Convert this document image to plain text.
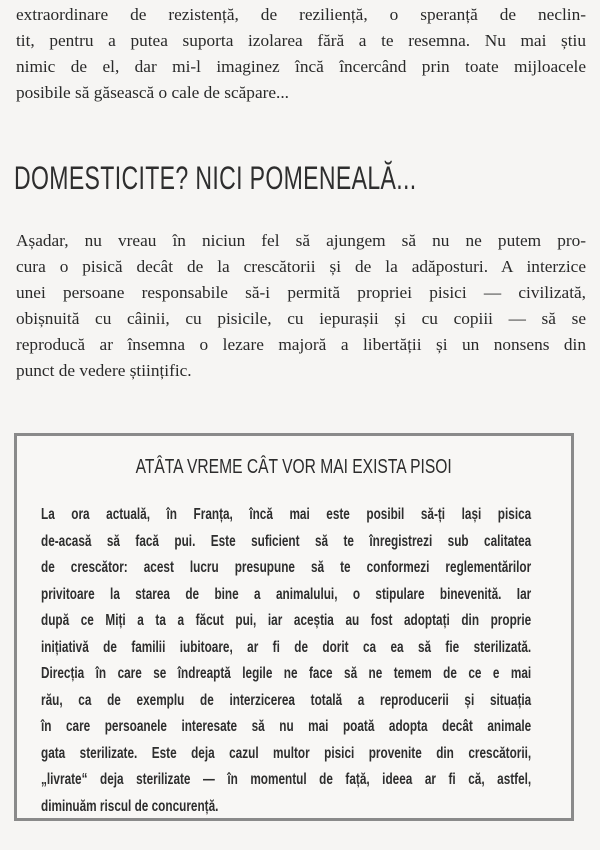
extraordinare de rezistență, de reziliență, o speranță de neclin-
tit, pentru a putea suporta izolarea fără a te resemna. Nu mai știu
nimic de el, dar mi-l imaginez încă încercând prin toate mijloacele
posibile să găsească o cale de scăpare...
DOMESTICITE? NICI POMENEALĂ...
Așadar, nu vreau în niciun fel să ajungem să nu ne putem pro-
cura o pisică decât de la crescătorii și de la adăposturi. A interzice
unei persoane responsabile să-i permită propriei pisici — civilizată,
obișnuită cu câinii, cu pisicile, cu iepurașii și cu copiii — să se
reproducă ar însemna o lezare majoră a libertății și un nonsens din
punct de vedere științific.
ATÂTA VREME CÂT VOR MAI EXISTA PISOI
La ora actuală, în Franța, încă mai este posibil să-ți lași pisica
de-acasă să facă pui. Este suficient să te înregistrezi sub calitatea
de crescător: acest lucru presupune să te conformezi reglementărilor
privitoare la starea de bine a animalului, o stipulare binevenită. Iar
după ce Miți a ta a făcut pui, iar aceștia au fost adoptați din proprie
inițiativă de familii iubitoare, ar fi de dorit ca ea să fie sterilizată.
Direcția în care se îndreaptă legile ne face să ne temem de ce e mai
rău, ca de exemplu de interzicerea totală a reproducerii și situația
în care persoanele interesate să nu mai poată adopta decât animale
gata sterilizate. Este deja cazul multor pisici provenite din crescătorii,
„livrate“ deja sterilizate — în momentul de față, ideea ar fi că, astfel,
diminuăm riscul de concurență.
